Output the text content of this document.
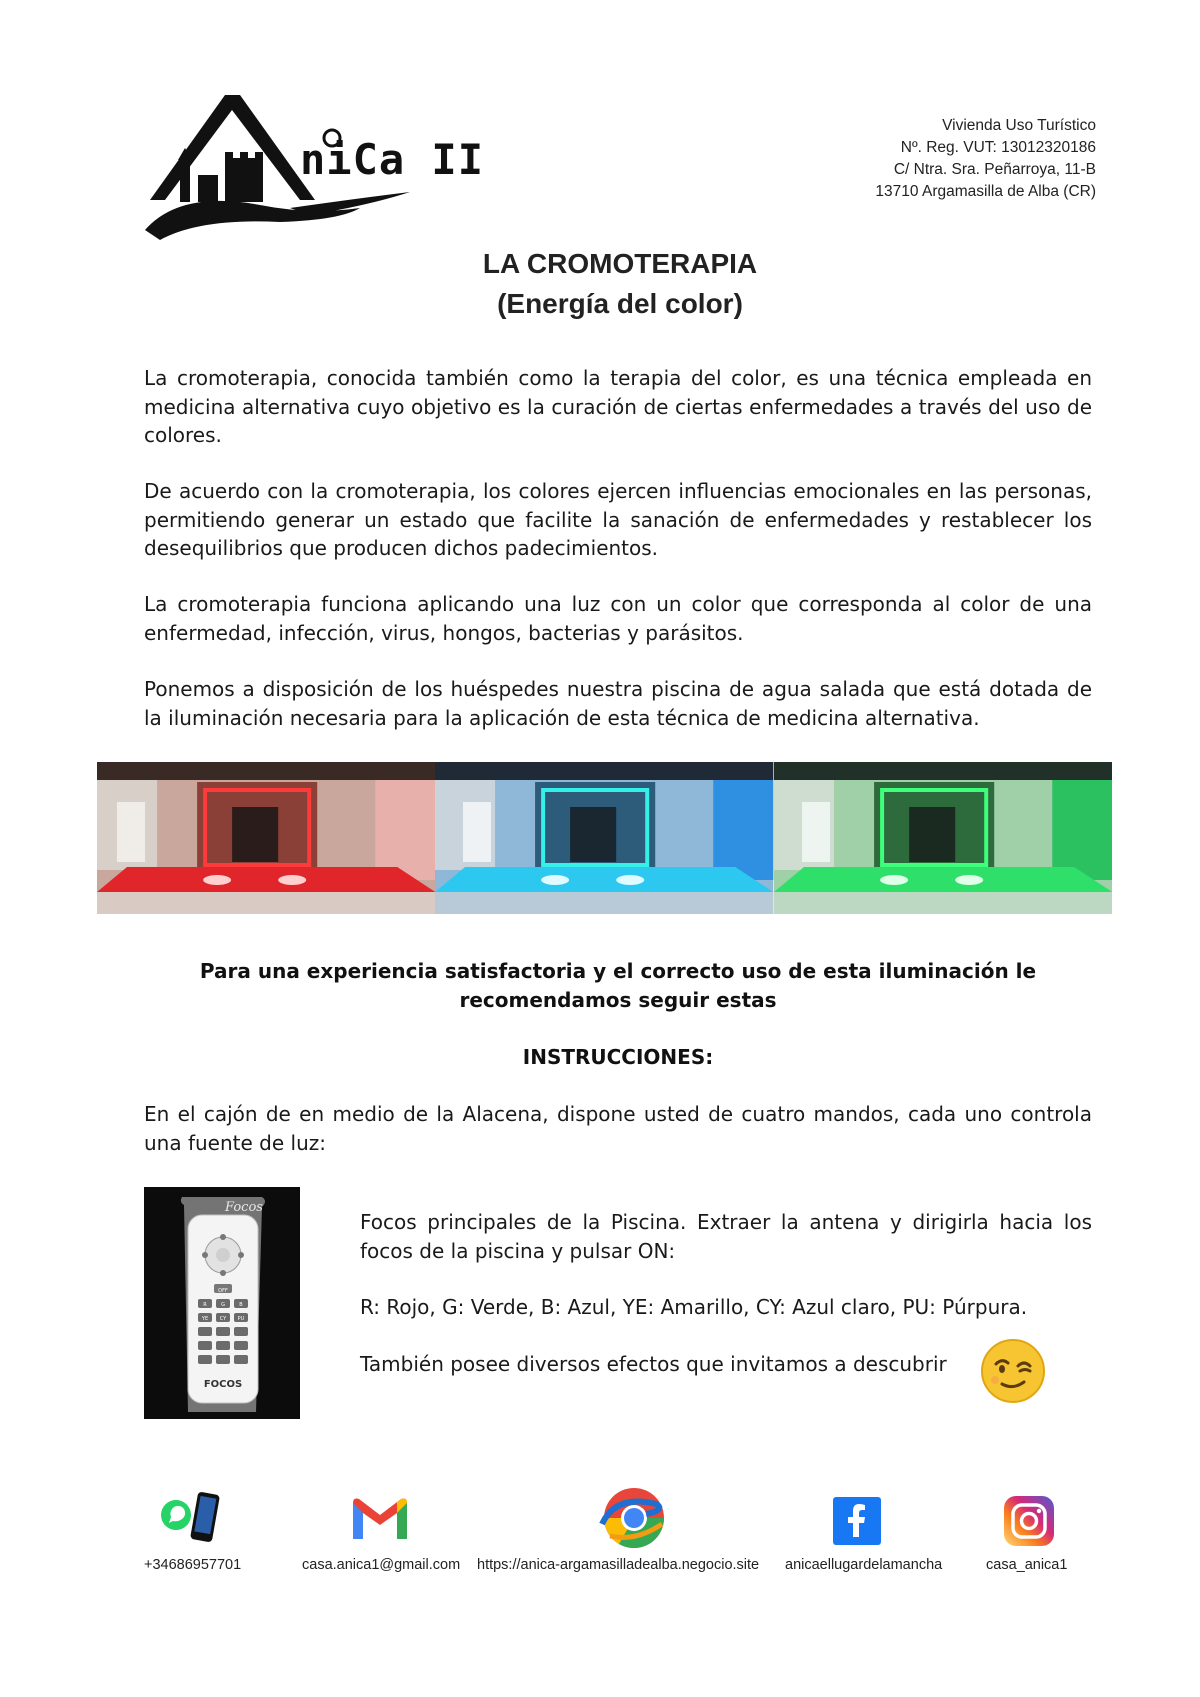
niCa II
Vivienda Uso Turístico
Nº. Reg. VUT: 13012320186
C/ Ntra. Sra. Peñarroya, 11-B
13710 Argamasilla de Alba (CR)
LA CROMOTERAPIA
(Energía del color)
La cromoterapia, conocida también como la terapia del color, es una técnica empleada en medicina alternativa cuyo objetivo es la curación de ciertas enfermedades a través del uso de colores.
De acuerdo con la cromoterapia, los colores ejercen influencias emocionales en las personas, permitiendo generar un estado que facilite la sanación de enfermedades y restablecer los desequilibrios que producen dichos padecimientos.
La cromoterapia funciona aplicando una luz con un color que corresponda al color de una enfermedad, infección, virus, hongos, bacterias y parásitos.
Ponemos a disposición de los huéspedes nuestra piscina de agua salada que está dotada de la iluminación necesaria para la aplicación de esta técnica de medicina alternativa.
Para una experiencia satisfactoria y el correcto uso de esta iluminación le
recomendamos seguir estas
INSTRUCCIONES:
En el cajón de en medio de la Alacena, dispone usted de cuatro mandos, cada uno controla una fuente de luz:
OFF
R	G	B
YE CY PU
Focos
FOCOS
Focos principales de la Piscina. Extraer la antena y dirigirla hacia los focos de la piscina y pulsar ON:
R: Rojo, G: Verde, B: Azul, YE: Amarillo, CY: Azul claro, PU: Púrpura.
También posee diversos efectos que invitamos a descubrir
+34686957701	casa.anica1@gmail.com https://anica-argamasilladealba.negocio.site anicaellugardelamancha	casa_anica1
